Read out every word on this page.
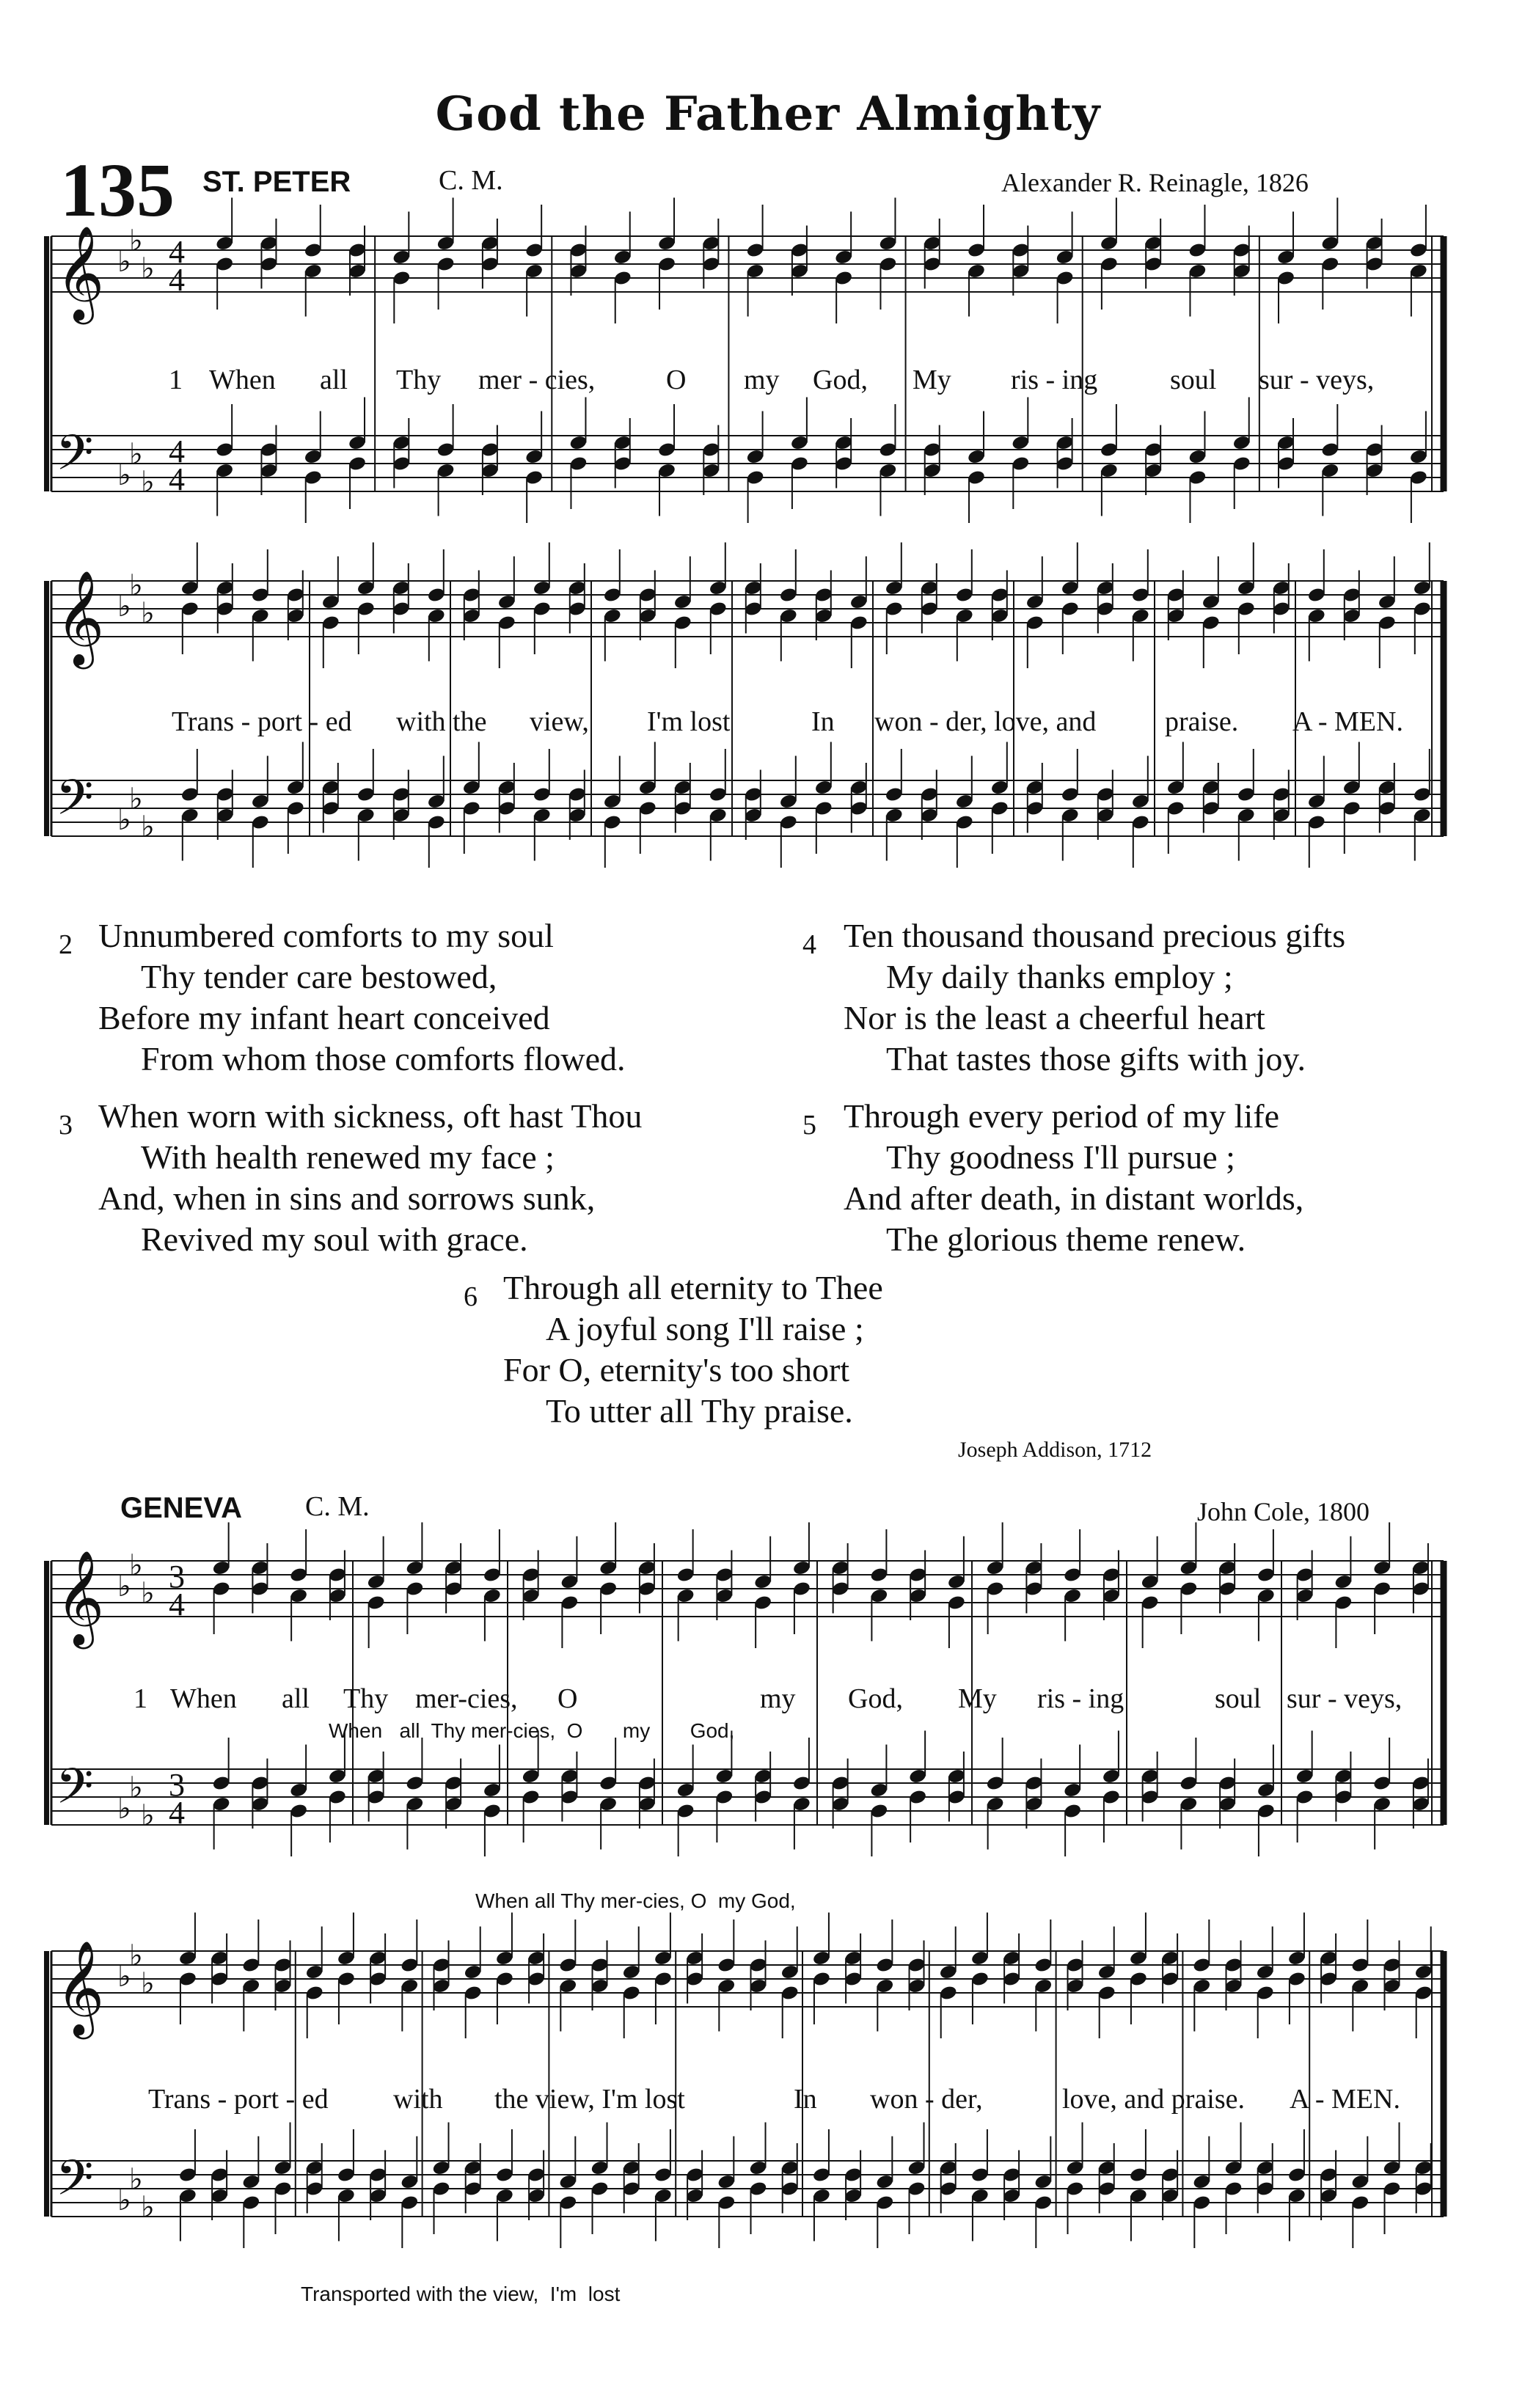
God the Father Almighty
135 ST. PETER	C. M.	Alexander R. Reinagle, 1826
𝄞
𝄢
♭
♭
♭
♭
♭
♭
4
4
4
4
𝄞
𝄢
♭
♭
♭
♭
♭
♭
𝄞
𝄢
♭
♭
♭
♭
♭
♭
3
4
3
4
𝄞
𝄢
♭
♭
♭
♭
♭
♭
1 When all Thy mer - cies,	O my God, My ris - ing	soul sur - veys,
Trans - port - ed with the view, I'm lost	In won - der, love, and praise. A - MEN.
2 Unnumbered comforts to my soul
Thy tender care bestowed,
Before my infant heart conceived
From whom those comforts flowed.
3 When worn with sickness, oft hast Thou
With health renewed my face ;
And, when in sins and sorrows sunk,
Revived my soul with grace.
4 Ten thousand thousand precious gifts
My daily thanks employ ;
Nor is the least a cheerful heart
That tastes those gifts with joy.
5 Through every period of my life
Thy goodness I'll pursue ;
And after death, in distant worlds,
The glorious theme renew.
6 Through all eternity to Thee
A joyful song I'll raise ;
For O, eternity's too short
To utter all Thy praise.
Joseph Addison, 1712
GENEVA C. M.	John Cole, 1800
1 When all Thy mer-cies, O	my God, My ris - ing	soul sur - veys,
When   all  Thy mer-cies,  O       my       God,
When all Thy mer-cies, O  my God,
Trans - port - ed with the view, I'm lost	In won - der,	love, and praise. A - MEN.
Transported with the view,  I'm  lost
